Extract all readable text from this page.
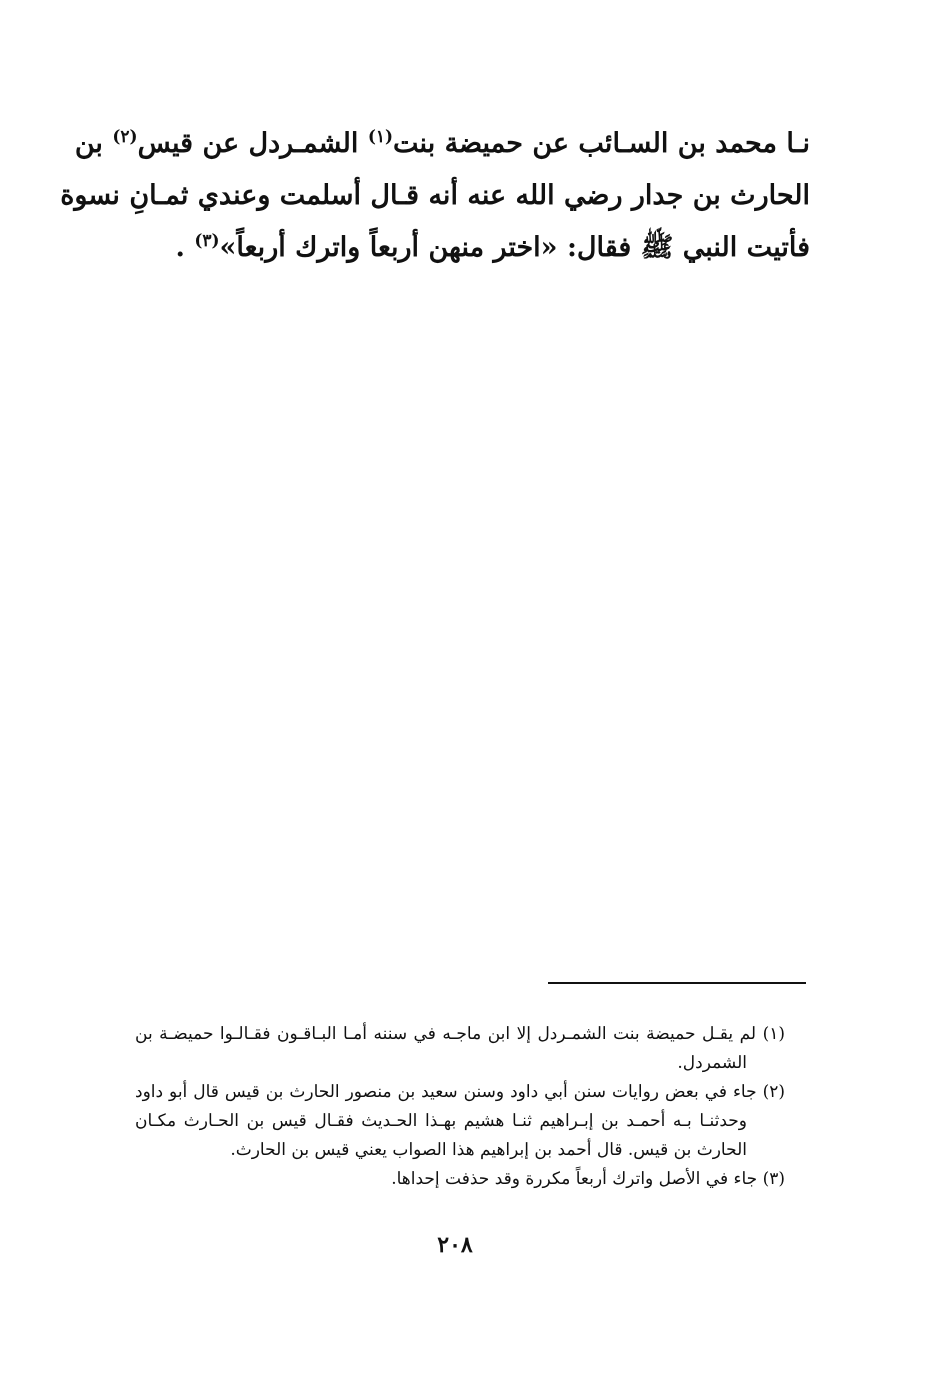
نـا محمد بن السـائب عن حميضة بنت$^{(١)}$ الشمـردل عن قيس$^{(٢)}$ بن
الحارث بن جدار رضي الله عنه أنه قـال أسلمت وعندي ثمـانِ نسوة
فأتيت النبي ﷺ فقال: «اختر منهن أربعاً واترك أربعاً»$^{(٣)}$ .
(١) لم يقـل حميضة بنت الشمـردل إلا ابن ماجـه في سننه أمـا البـاقـون فقـالـوا حميضـة بن
الشمردل.
(٢) جاء في بعض روايات سنن أبي داود وسنن سعيد بن منصور الحارث بن قيس قال أبو داود
وحدثنـا بـه أحمـد بن إبـراهيم ثنـا هشيم بهـذا الحـديث فقـال قيس بن الحـارث مكـان
الحارث بن قيس. قال أحمد بن إبراهيم هذا الصواب يعني قيس بن الحارث.
(٣) جاء في الأصل واترك أربعاً مكررة وقد حذفت إحداها.
٢٠٨
